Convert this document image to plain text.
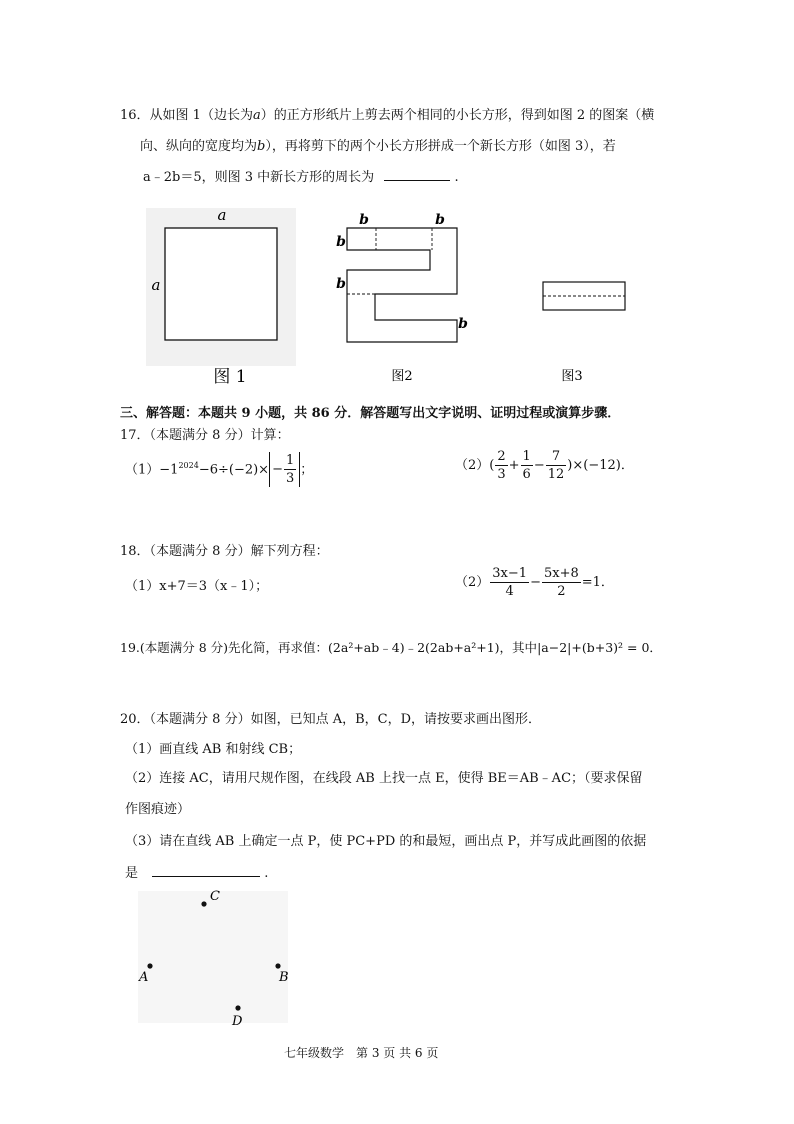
16．从如图 1（边长为a）的正方形纸片上剪去两个相同的小长方形，得到如图 2 的图案（横
向、纵向的宽度均为b），再将剪下的两个小长方形拼成一个新长方形（如图 3），若
a﹣2b＝5，则图 3 中新长方形的周长为	.
a
a
图 1
b	b
b
b
b
图2	图3
三、解答题：本题共 9 小题，共 86 分．解答题写出文字说明、证明过程或演算步骤．
17．（本题满分 8 分）计算：
$(1)-1^{2024}-6\div(-2)\times - \frac{1}{3}$ ；	$(2)( \frac{2}{3} + \frac{1}{6} - \frac{7}{12} )\times(-12)$．
18．（本题满分 8 分）解下列方程：
（1）x+7＝3（x﹣1）；	$(2) \frac{3x-1}{4} - \frac{5x+8}{2} =1$．
19.(本题满分 8 分)先化简，再求值：(2a²+ab﹣4)﹣2(2ab+a²+1)，其中|a−2|+(b+3)² = 0．
20．（本题满分 8 分）如图，已知点 A，B，C，D，请按要求画出图形．
（1）画直线 AB 和射线 CB；
（2）连接 AC，请用尺规作图，在线段 AB 上找一点 E，使得 BE＝AB﹣AC；（要求保留
作图痕迹）
（3）请在直线 AB 上确定一点 P，使 PC+PD 的和最短，画出点 P，并写成此画图的依据
是	.
C
A	B
D
七年级数学　第 3 页 共 6 页
